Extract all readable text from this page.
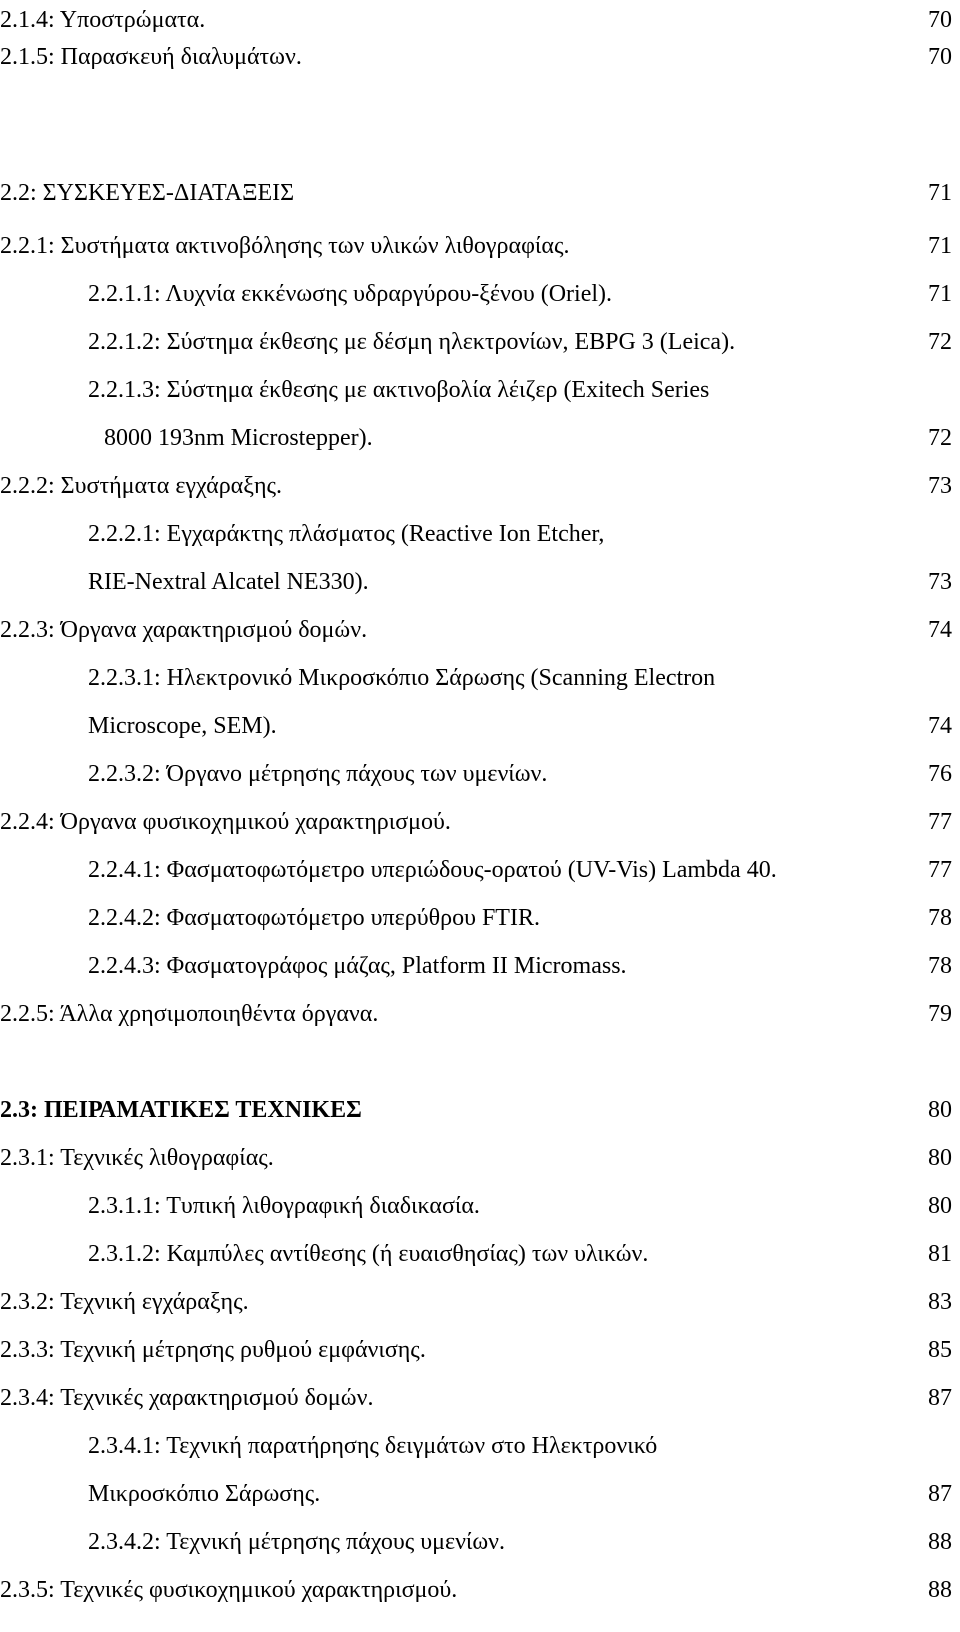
2.1.4: Υποστρώματα.	70
2.1.5: Παρασκευή διαλυμάτων.	70
2.2: ΣΥΣΚΕΥΕΣ-ΔΙΑΤΑΞΕΙΣ	71
2.2.1: Συστήματα ακτινοβόλησης των υλικών λιθογραφίας.	71
2.2.1.1: Λυχνία εκκένωσης υδραργύρου-ξένου (Oriel).	71
2.2.1.2: Σύστημα έκθεσης με δέσμη ηλεκτρονίων, EBPG 3 (Leica).	72
2.2.1.3: Σύστημα έκθεσης με ακτινοβολία λέιζερ (Exitech Series
8000 193nm Microstepper).	72
2.2.2: Συστήματα εγχάραξης.	73
2.2.2.1: Εγχαράκτης πλάσματος (Reactive Ion Etcher,
RIE-Nextral Alcatel NE330).	73
2.2.3: Όργανα χαρακτηρισμού δομών.	74
2.2.3.1: Ηλεκτρονικό Μικροσκόπιο Σάρωσης (Scanning Electron
Microscope, SEM).	74
2.2.3.2: Όργανο μέτρησης πάχους των υμενίων.	76
2.2.4: Όργανα φυσικοχημικού χαρακτηρισμού.	77
2.2.4.1: Φασματοφωτόμετρο υπεριώδους-ορατού (UV-Vis) Lambda 40.	77
2.2.4.2: Φασματοφωτόμετρο υπερύθρου FTIR.	78
2.2.4.3: Φασματογράφος μάζας, Platform II Micromass.	78
2.2.5: Άλλα χρησιμοποιηθέντα όργανα.	79
2.3: ΠΕΙΡΑΜΑΤΙΚΕΣ ΤΕΧΝΙΚΕΣ	80
2.3.1: Τεχνικές λιθογραφίας.	80
2.3.1.1: Τυπική λιθογραφική διαδικασία.	80
2.3.1.2: Καμπύλες αντίθεσης (ή ευαισθησίας) των υλικών.	81
2.3.2: Τεχνική εγχάραξης.	83
2.3.3: Τεχνική μέτρησης ρυθμού εμφάνισης.	85
2.3.4: Τεχνικές χαρακτηρισμού δομών.	87
2.3.4.1: Τεχνική παρατήρησης δειγμάτων στο Ηλεκτρονικό
Μικροσκόπιο Σάρωσης.	87
2.3.4.2: Τεχνική μέτρησης πάχους υμενίων.	88
2.3.5: Τεχνικές φυσικοχημικού χαρακτηρισμού.	88
